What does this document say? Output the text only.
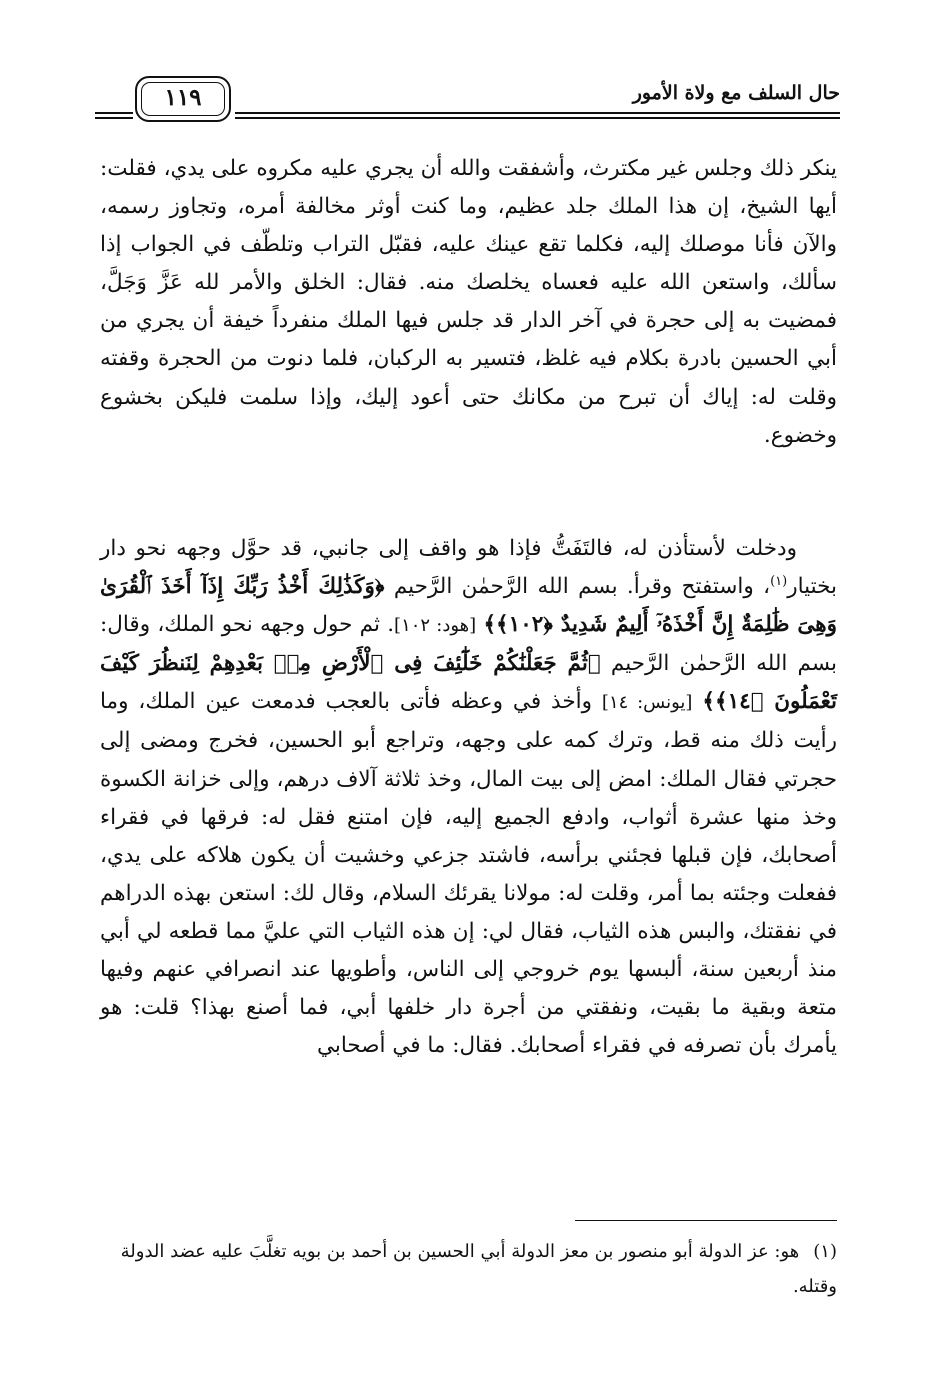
حال السلف مع ولاة الأمور
١١٩
ينكر ذلك وجلس غير مكترث، وأشفقت والله أن يجري عليه مكروه على يدي، فقلت: أيها الشيخ، إن هذا الملك جلد عظيم، وما كنت أوثر مخالفة أمره، وتجاوز رسمه، والآن فأنا موصلك إليه، فكلما تقع عينك عليه، فقبّل التراب وتلطّف في الجواب إذا سألك، واستعن الله عليه فعساه يخلصك منه. فقال: الخلق والأمر لله عَزَّ وَجَلَّ، فمضيت به إلى حجرة في آخر الدار قد جلس فيها الملك منفرداً خيفة أن يجري من أبي الحسين بادرة بكلام فيه غلظ، فتسير به الركبان، فلما دنوت من الحجرة وقفته وقلت له: إياك أن تبرح من مكانك حتى أعود إليك، وإذا سلمت فليكن بخشوع وخضوع.
ودخلت لأستأذن له، فالتَفَتُّ فإذا هو واقف إلى جانبي، قد حوَّل وجهه نحو دار بختيار$^{(١)}$، واستفتح وقرأ. بسم الله الرَّحمٰن الرَّحيم ﴿وَكَذَٰلِكَ أَخْذُ رَبِّكَ إِذَآ أَخَذَ ٱلْقُرَىٰ وَهِىَ ظَٰلِمَةٌ إِنَّ أَخْذَهُۥٓ أَلِيمٌ شَدِيدٌ ﴿١٠٢﴾﴾ [هود: ١٠٢]. ثم حول وجهه نحو الملك، وقال: بسم الله الرَّحمٰن الرَّحيم ﴿ثُمَّ جَعَلْنَٰكُمْ خَلَٰٓئِفَ فِى ٱلْأَرْضِ مِنۢ بَعْدِهِمْ لِنَنظُرَ كَيْفَ تَعْمَلُونَ ﴿١٤﴾﴾ [يونس: ١٤] وأخذ في وعظه فأتى بالعجب فدمعت عين الملك، وما رأيت ذلك منه قط، وترك كمه على وجهه، وتراجع أبو الحسين، فخرج ومضى إلى حجرتي فقال الملك: امض إلى بيت المال، وخذ ثلاثة آلاف درهم، وإلى خزانة الكسوة وخذ منها عشرة أثواب، وادفع الجميع إليه، فإن امتنع فقل له: فرقها في فقراء أصحابك، فإن قبلها فجئني برأسه، فاشتد جزعي وخشيت أن يكون هلاكه على يدي، ففعلت وجئته بما أمر، وقلت له: مولانا يقرئك السلام، وقال لك: استعن بهذه الدراهم في نفقتك، والبس هذه الثياب، فقال لي: إن هذه الثياب التي عليَّ مما قطعه لي أبي منذ أربعين سنة، ألبسها يوم خروجي إلى الناس، وأطويها عند انصرافي عنهم وفيها متعة وبقية ما بقيت، ونفقتي من أجرة دار خلفها أبي، فما أصنع بهذا؟ قلت: هو يأمرك بأن تصرفه في فقراء أصحابك. فقال: ما في أصحابي
(١)هو: عز الدولة أبو منصور بن معز الدولة أبي الحسين بن أحمد بن بويه تغلَّبَ عليه عضد الدولة وقتله.
